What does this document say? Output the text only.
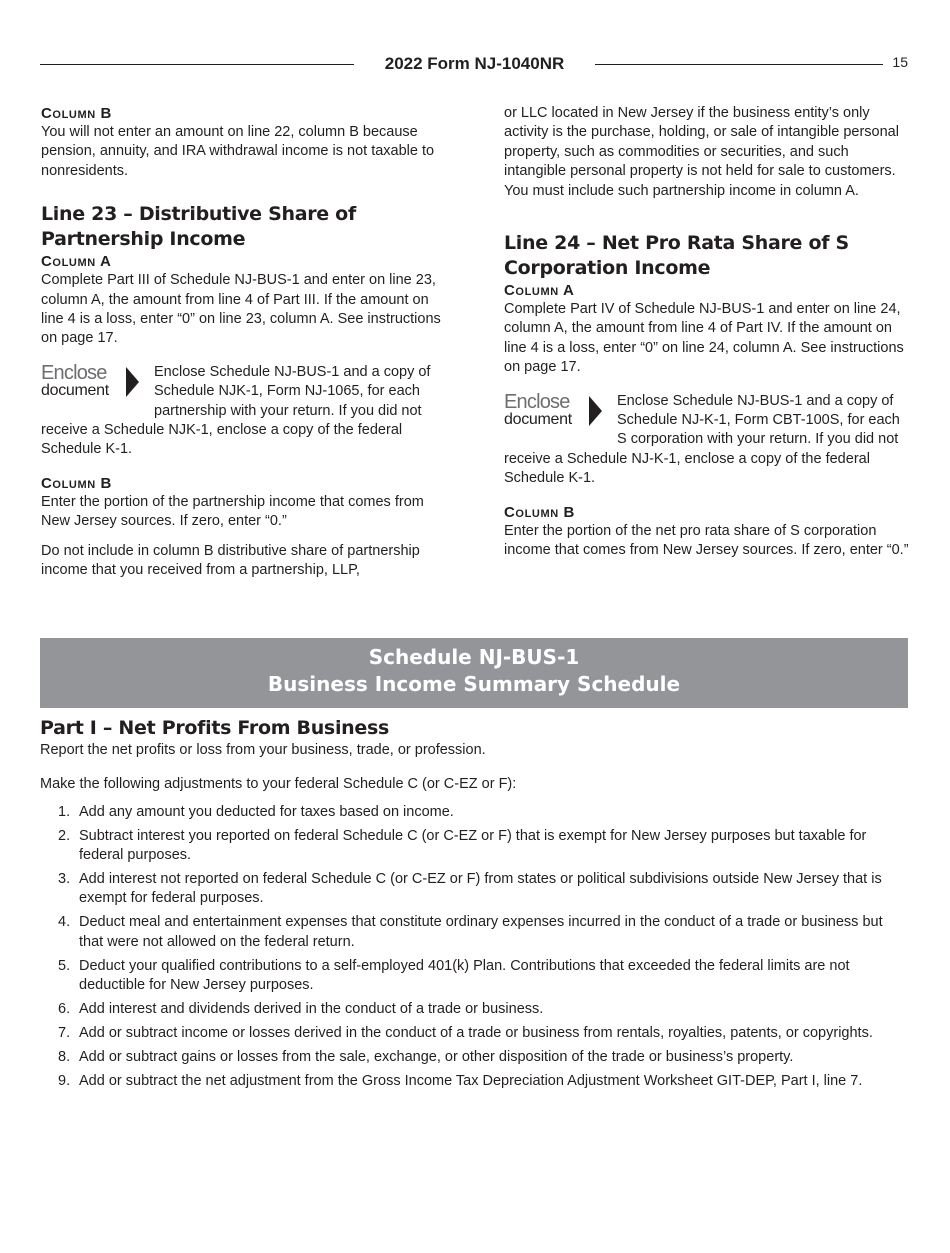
2022 Form NJ-1040NR	15
Column B

You will not enter an amount on line 22, column B because pension, annuity, and IRA withdrawal income is not taxable to nonresidents.

Line 23 – Distributive Share of Partnership Income
Column A

Complete Part III of Schedule NJ-BUS-1 and enter on line 23, column A, the amount from line 4 of Part III. If the amount on line 4 is a loss, enter “0” on line 23, column A. See instructions on page 17.

Enclose
document

Enclose Schedule NJ-BUS-1 and a copy of Schedule NJK-1, Form NJ-1065, for each partnership with your return. If you did not receive a Schedule NJK-1, enclose a copy of the federal Schedule K-1.

Column B

Enter the portion of the partnership income that comes from New Jersey sources. If zero, enter “0.”

Do not include in column B distributive share of partnership income that you received from a partnership, LLP,

or LLC located in New Jersey if the business entity’s only activity is the purchase, holding, or sale of intangible personal property, such as commodities or securities, and such intangible personal property is not held for sale to customers. You must include such partnership income in column A.

Line 24 – Net Pro Rata Share of S Corporation Income
Column A

Complete Part IV of Schedule NJ-BUS-1 and enter on line 24, column A, the amount from line 4 of Part IV. If the amount on line 4 is a loss, enter “0” on line 24, column A. See instructions on page 17.

Enclose
document

Enclose Schedule NJ-BUS-1 and a copy of Schedule NJ-K-1, Form CBT-100S, for each S corporation with your return. If you did not receive a Schedule NJ-K-1, enclose a copy of the federal Schedule K-1.

Column B

Enter the portion of the net pro rata share of S corporation income that comes from New Jersey sources. If zero, enter “0.”

Schedule NJ-BUS-1
Business Income Summary Schedule
Part I – Net Profits From Business

Report the net profits or loss from your business, trade, or profession.

Make the following adjustments to your federal Schedule C (or C-EZ or F):

1. Add any amount you deducted for taxes based on income.
2. Subtract interest you reported on federal Schedule C (or C-EZ or F) that is exempt for New Jersey purposes but taxable for federal purposes.
3. Add interest not reported on federal Schedule C (or C-EZ or F) from states or political subdivisions outside New Jersey that is exempt for federal purposes.
4. Deduct meal and entertainment expenses that constitute ordinary expenses incurred in the conduct of a trade or business but that were not allowed on the federal return.
5. Deduct your qualified contributions to a self-employed 401(k) Plan. Contributions that exceeded the federal limits are not deductible for New Jersey purposes.
6. Add interest and dividends derived in the conduct of a trade or business.
7. Add or subtract income or losses derived in the conduct of a trade or business from rentals, royalties, patents, or copyrights.
8. Add or subtract gains or losses from the sale, exchange, or other disposition of the trade or business’s property.
9. Add or subtract the net adjustment from the Gross Income Tax Depreciation Adjustment Worksheet GIT-DEP, Part I, line 7.
